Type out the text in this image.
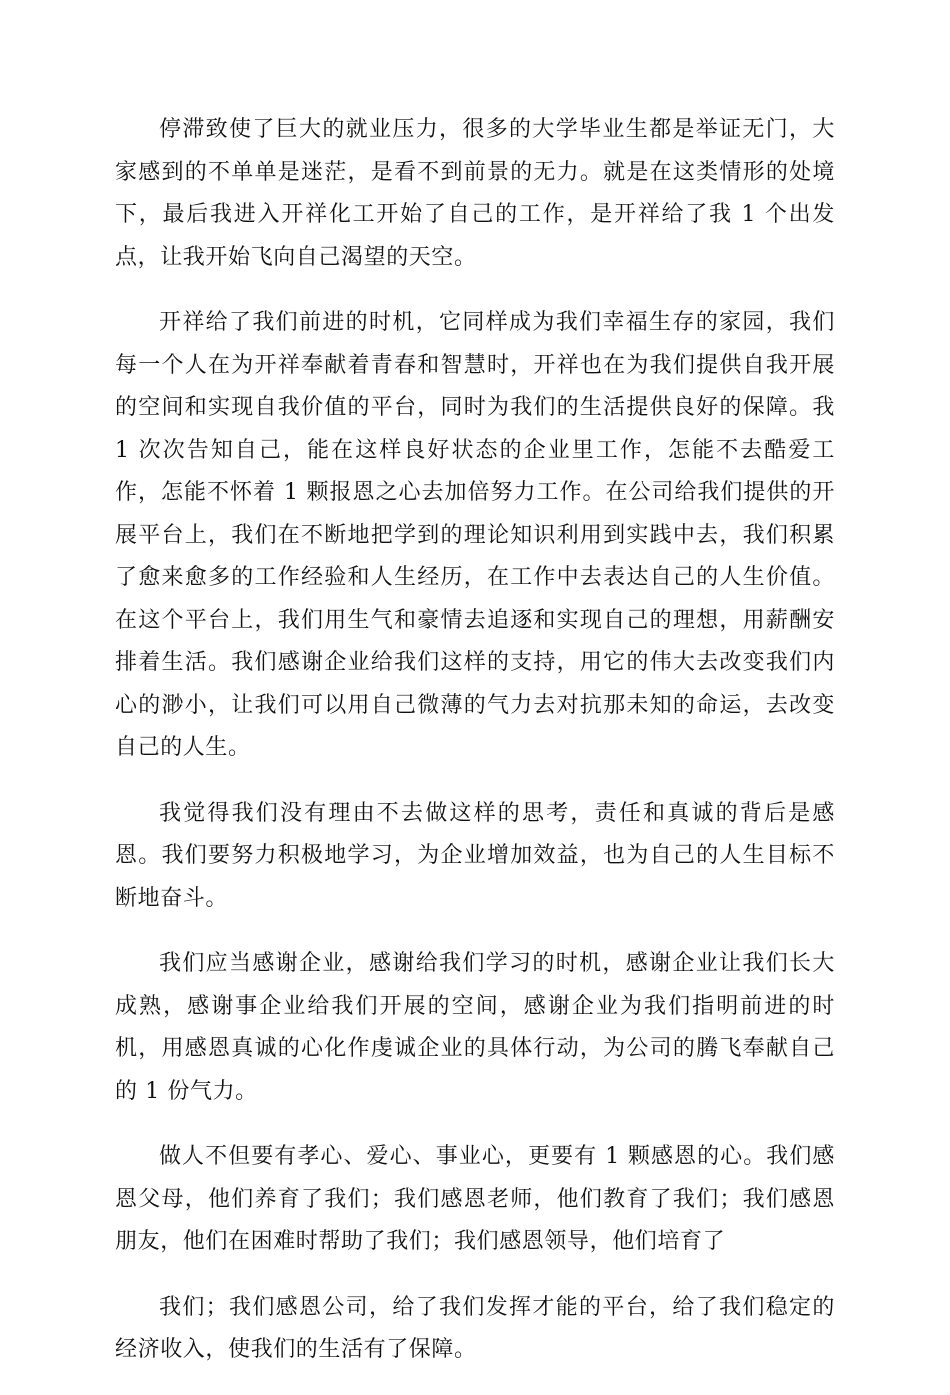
停滞致使了巨大的就业压力，很多的大学毕业生都是举证无门，大家感到的不单单是迷茫，是看不到前景的无力。就是在这类情形的处境下，最后我进入开祥化工开始了自己的工作，是开祥给了我 1 个出发点，让我开始飞向自己渴望的天空。

开祥给了我们前进的时机，它同样成为我们幸福生存的家园，我们每一个人在为开祥奉献着青春和智慧时，开祥也在为我们提供自我开展的空间和实现自我价值的平台，同时为我们的生活提供良好的保障。我 1 次次告知自己，能在这样良好状态的企业里工作，怎能不去酷爱工作，怎能不怀着 1 颗报恩之心去加倍努力工作。在公司给我们提供的开展平台上，我们在不断地把学到的理论知识利用到实践中去，我们积累了愈来愈多的工作经验和人生经历，在工作中去表达自己的人生价值。在这个平台上，我们用生气和豪情去追逐和实现自己的理想，用薪酬安排着生活。我们感谢企业给我们这样的支持，用它的伟大去改变我们内心的渺小，让我们可以用自己微薄的气力去对抗那未知的命运，去改变自己的人生。

我觉得我们没有理由不去做这样的思考，责任和真诚的背后是感恩。我们要努力积极地学习，为企业增加效益，也为自己的人生目标不断地奋斗。

我们应当感谢企业，感谢给我们学习的时机，感谢企业让我们长大成熟，感谢事企业给我们开展的空间，感谢企业为我们指明前进的时机，用感恩真诚的心化作虔诚企业的具体行动，为公司的腾飞奉献自己的 1 份气力。

做人不但要有孝心、爱心、事业心，更要有 1 颗感恩的心。我们感恩父母，他们养育了我们；我们感恩老师，他们教育了我们；我们感恩朋友，他们在困难时帮助了我们；我们感恩领导，他们培育了

我们；我们感恩公司，给了我们发挥才能的平台，给了我们稳定的经济收入，使我们的生活有了保障。
